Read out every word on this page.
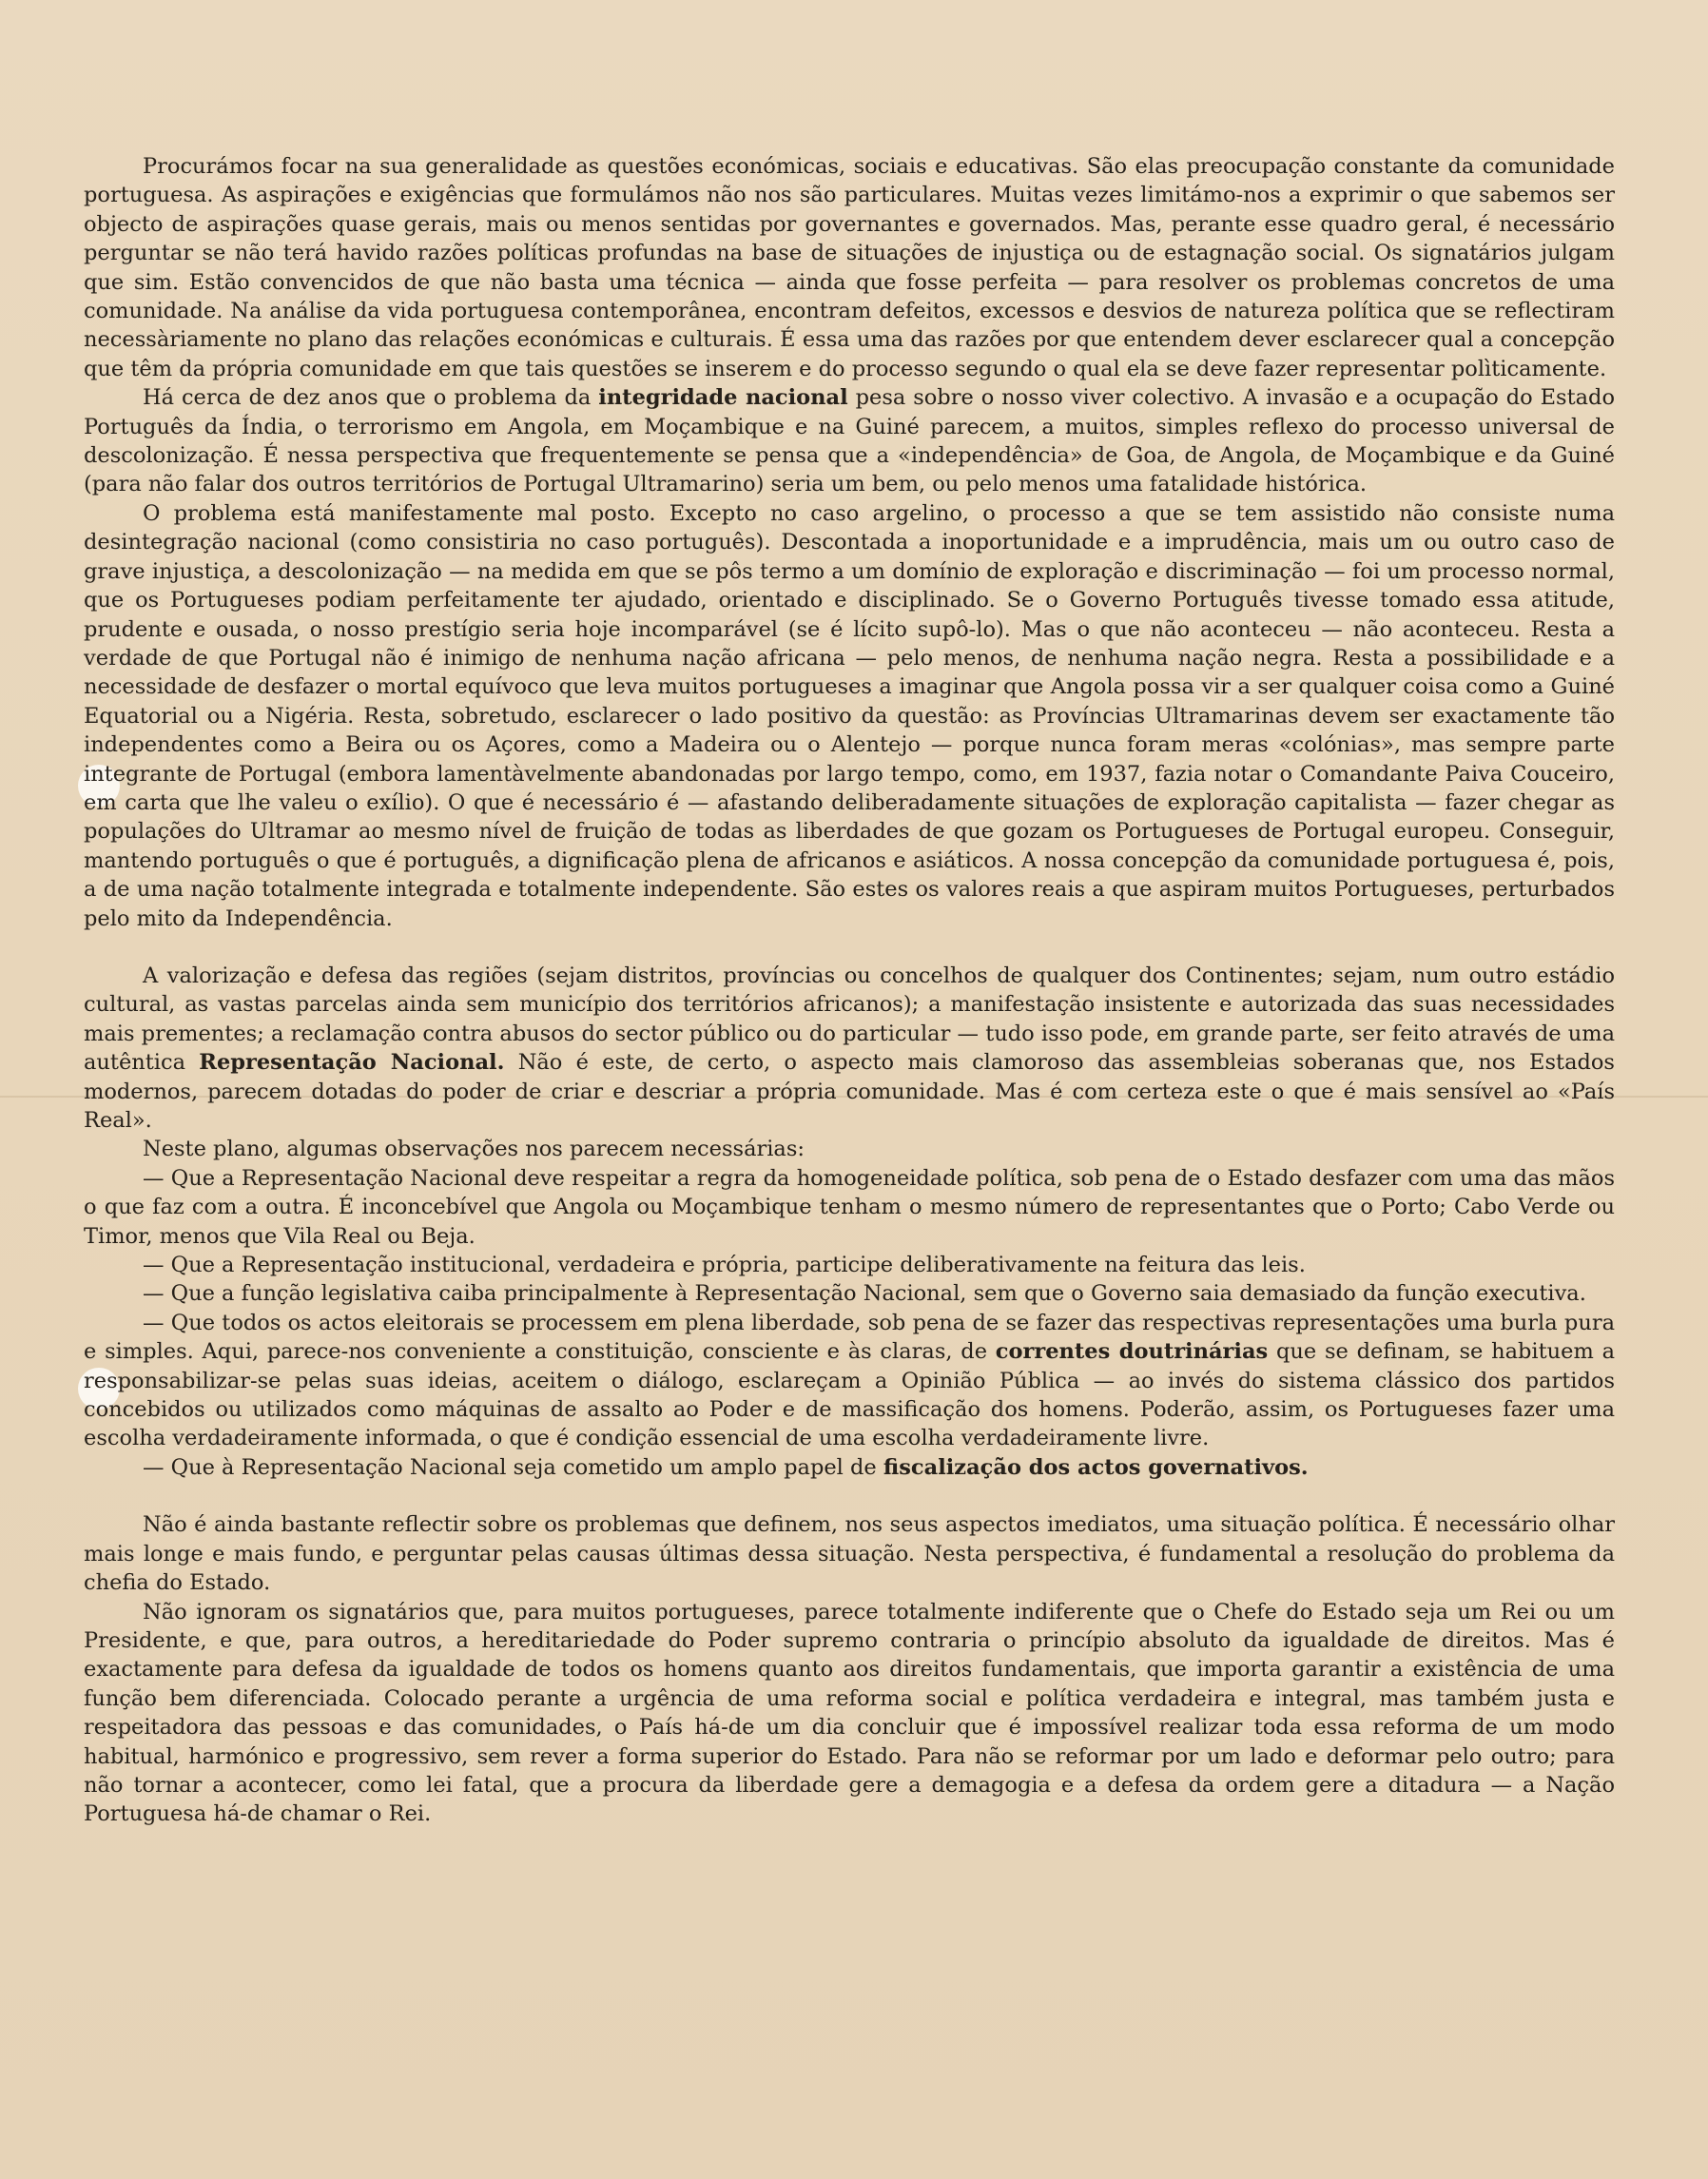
Procurámos focar na sua generalidade as questões económicas, sociais e educativas. São elas preocupação constante da comunidade portuguesa. As aspirações e exigências que formulámos não nos são particulares. Muitas vezes limitámo-nos a exprimir o que sabemos ser objecto de aspirações quase gerais, mais ou menos sentidas por governantes e governados. Mas, perante esse quadro geral, é necessário perguntar se não terá havido razões políticas profundas na base de situações de injustiça ou de estagnação social. Os signatários julgam que sim. Estão convencidos de que não basta uma técnica — ainda que fosse perfeita — para resolver os problemas concretos de uma comunidade. Na análise da vida portuguesa contemporânea, encontram defeitos, excessos e desvios de natureza política que se reflectiram necessàriamente no plano das relações económicas e culturais. É essa uma das razões por que entendem dever esclarecer qual a concepção que têm da própria comunidade em que tais questões se inserem e do processo segundo o qual ela se deve fazer representar polìticamente.

Há cerca de dez anos que o problema da integridade nacional pesa sobre o nosso viver colectivo. A invasão e a ocupação do Estado Português da Índia, o terrorismo em Angola, em Moçambique e na Guiné parecem, a muitos, simples reflexo do processo universal de descolonização. É nessa perspectiva que frequentemente se pensa que a «independência» de Goa, de Angola, de Moçambique e da Guiné (para não falar dos outros territórios de Portugal Ultramarino) seria um bem, ou pelo menos uma fatalidade histórica.

O problema está manifestamente mal posto. Excepto no caso argelino, o processo a que se tem assistido não consiste numa desintegração nacional (como consistiria no caso português). Descontada a inoportunidade e a imprudência, mais um ou outro caso de grave injustiça, a descolonização — na medida em que se pôs termo a um domínio de exploração e discriminação — foi um processo normal, que os Portugueses podiam perfeitamente ter ajudado, orientado e disciplinado. Se o Governo Português tivesse tomado essa atitude, prudente e ousada, o nosso prestígio seria hoje incomparável (se é lícito supô-lo). Mas o que não aconteceu — não aconteceu. Resta a verdade de que Portugal não é inimigo de nenhuma nação africana — pelo menos, de nenhuma nação negra. Resta a possibilidade e a necessidade de desfazer o mortal equívoco que leva muitos portugueses a imaginar que Angola possa vir a ser qualquer coisa como a Guiné Equatorial ou a Nigéria. Resta, sobretudo, esclarecer o lado positivo da questão: as Províncias Ultramarinas devem ser exactamente tão independentes como a Beira ou os Açores, como a Madeira ou o Alentejo — porque nunca foram meras «colónias», mas sempre parte integrante de Portugal (embora lamentàvelmente abandonadas por largo tempo, como, em 1937, fazia notar o Comandante Paiva Couceiro, em carta que lhe valeu o exílio). O que é necessário é — afastando deliberadamente situações de exploração capitalista — fazer chegar as populações do Ultramar ao mesmo nível de fruição de todas as liberdades de que gozam os Portugueses de Portugal europeu. Conseguir, mantendo português o que é português, a dignificação plena de africanos e asiáticos. A nossa concepção da comunidade portuguesa é, pois, a de uma nação totalmente integrada e totalmente independente. São estes os valores reais a que aspiram muitos Portugueses, perturbados pelo mito da Independência.

A valorização e defesa das regiões (sejam distritos, províncias ou concelhos de qualquer dos Continentes; sejam, num outro estádio cultural, as vastas parcelas ainda sem município dos territórios africanos); a manifestação insistente e autorizada das suas necessidades mais prementes; a reclamação contra abusos do sector público ou do particular — tudo isso pode, em grande parte, ser feito através de uma autêntica Representação Nacional. Não é este, de certo, o aspecto mais clamoroso das assembleias soberanas que, nos Estados modernos, parecem dotadas do poder de criar e descriar a própria comunidade. Mas é com certeza este o que é mais sensível ao «País Real».

Neste plano, algumas observações nos parecem necessárias:

— Que a Representação Nacional deve respeitar a regra da homogeneidade política, sob pena de o Estado desfazer com uma das mãos o que faz com a outra. É inconcebível que Angola ou Moçambique tenham o mesmo número de representantes que o Porto; Cabo Verde ou Timor, menos que Vila Real ou Beja.

— Que a Representação institucional, verdadeira e própria, participe deliberativamente na feitura das leis.

— Que a função legislativa caiba principalmente à Representação Nacional, sem que o Governo saia demasiado da função executiva.

— Que todos os actos eleitorais se processem em plena liberdade, sob pena de se fazer das respectivas representações uma burla pura e simples. Aqui, parece-nos conveniente a constituição, consciente e às claras, de correntes doutrinárias que se definam, se habituem a responsabilizar-se pelas suas ideias, aceitem o diálogo, esclareçam a Opinião Pública — ao invés do sistema clássico dos partidos concebidos ou utilizados como máquinas de assalto ao Poder e de massificação dos homens. Poderão, assim, os Portugueses fazer uma escolha verdadeiramente informada, o que é condição essencial de uma escolha verdadeiramente livre.

— Que à Representação Nacional seja cometido um amplo papel de fiscalização dos actos governativos.

Não é ainda bastante reflectir sobre os problemas que definem, nos seus aspectos imediatos, uma situação política. É necessário olhar mais longe e mais fundo, e perguntar pelas causas últimas dessa situação. Nesta perspectiva, é fundamental a resolução do problema da chefia do Estado.

Não ignoram os signatários que, para muitos portugueses, parece totalmente indiferente que o Chefe do Estado seja um Rei ou um Presidente, e que, para outros, a hereditariedade do Poder supremo contraria o princípio absoluto da igualdade de direitos. Mas é exactamente para defesa da igualdade de todos os homens quanto aos direitos fundamentais, que importa garantir a existência de uma função bem diferenciada. Colocado perante a urgência de uma reforma social e política verdadeira e integral, mas também justa e respeitadora das pessoas e das comunidades, o País há-de um dia concluir que é impossível realizar toda essa reforma de um modo habitual, harmónico e progressivo, sem rever a forma superior do Estado. Para não se reformar por um lado e deformar pelo outro; para não tornar a acontecer, como lei fatal, que a procura da liberdade gere a demagogia e a defesa da ordem gere a ditadura — a Nação Portuguesa há-de chamar o Rei.
